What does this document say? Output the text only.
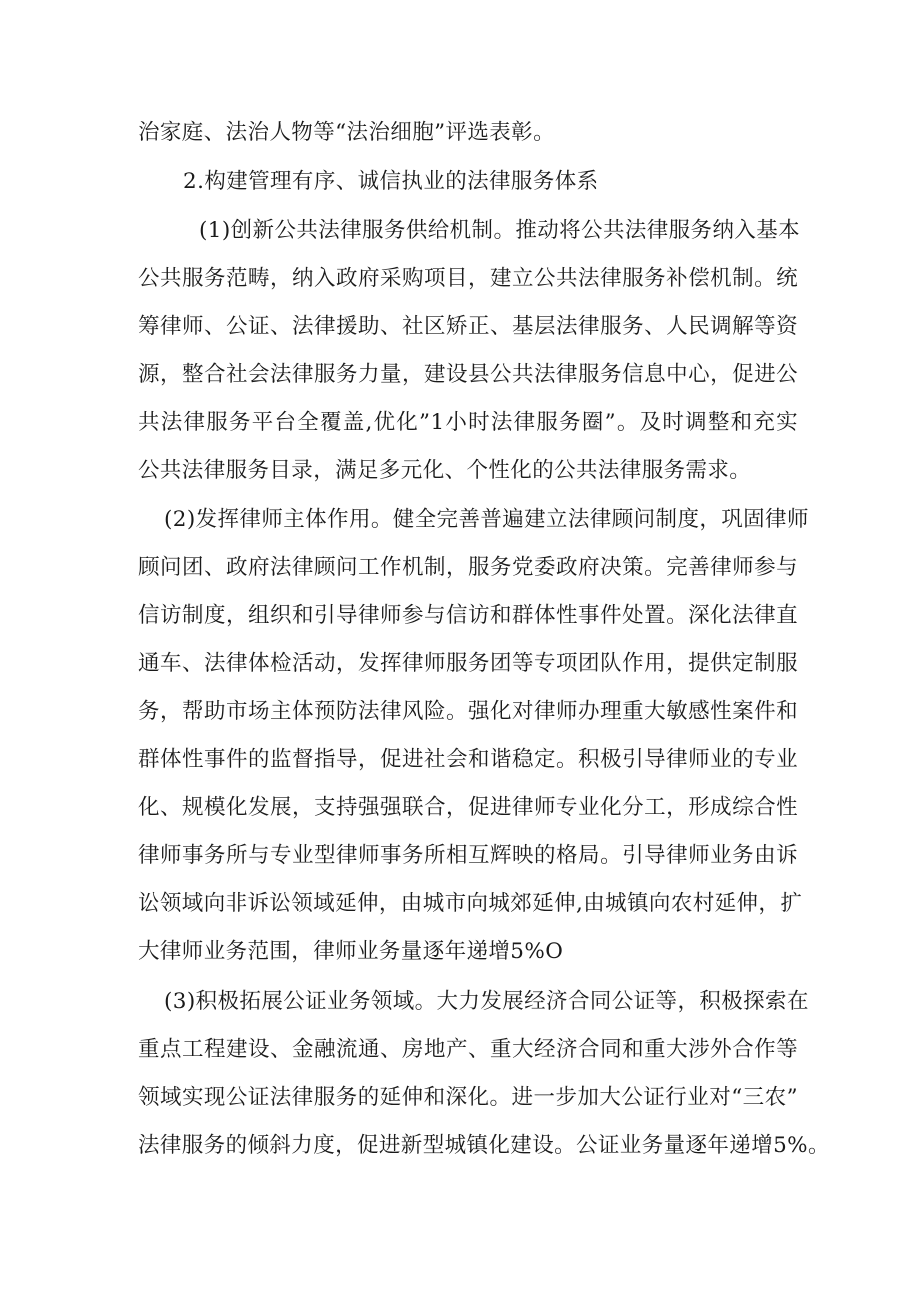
治家庭、法治人物等“法治细胞”评选表彰。
2.构建管理有序、诚信执业的法律服务体系
(1)创新公共法律服务供给机制。推动将公共法律服务纳入基本
公共服务范畴，纳入政府采购项目，建立公共法律服务补偿机制。统
筹律师、公证、法律援助、社区矫正、基层法律服务、人民调解等资
源，整合社会法律服务力量，建设县公共法律服务信息中心，促进公
共法律服务平台全覆盖,优化”1小时法律服务圈”。及时调整和充实
公共法律服务目录，满足多元化、个性化的公共法律服务需求。
(2)发挥律师主体作用。健全完善普遍建立法律顾问制度，巩固律师
顾问团、政府法律顾问工作机制，服务党委政府决策。完善律师参与
信访制度，组织和引导律师参与信访和群体性事件处置。深化法律直
通车、法律体检活动，发挥律师服务团等专项团队作用，提供定制服
务，帮助市场主体预防法律风险。强化对律师办理重大敏感性案件和
群体性事件的监督指导，促进社会和谐稳定。积极引导律师业的专业
化、规模化发展，支持强强联合，促进律师专业化分工，形成综合性
律师事务所与专业型律师事务所相互辉映的格局。引导律师业务由诉
讼领域向非诉讼领域延伸，由城市向城郊延伸,由城镇向农村延伸，扩
大律师业务范围，律师业务量逐年递增5%O
(3)积极拓展公证业务领域。大力发展经济合同公证等，积极探索在
重点工程建设、金融流通、房地产、重大经济合同和重大涉外合作等
领域实现公证法律服务的延伸和深化。进一步加大公证行业对“三农”
法律服务的倾斜力度，促进新型城镇化建设。公证业务量逐年递增5%。
